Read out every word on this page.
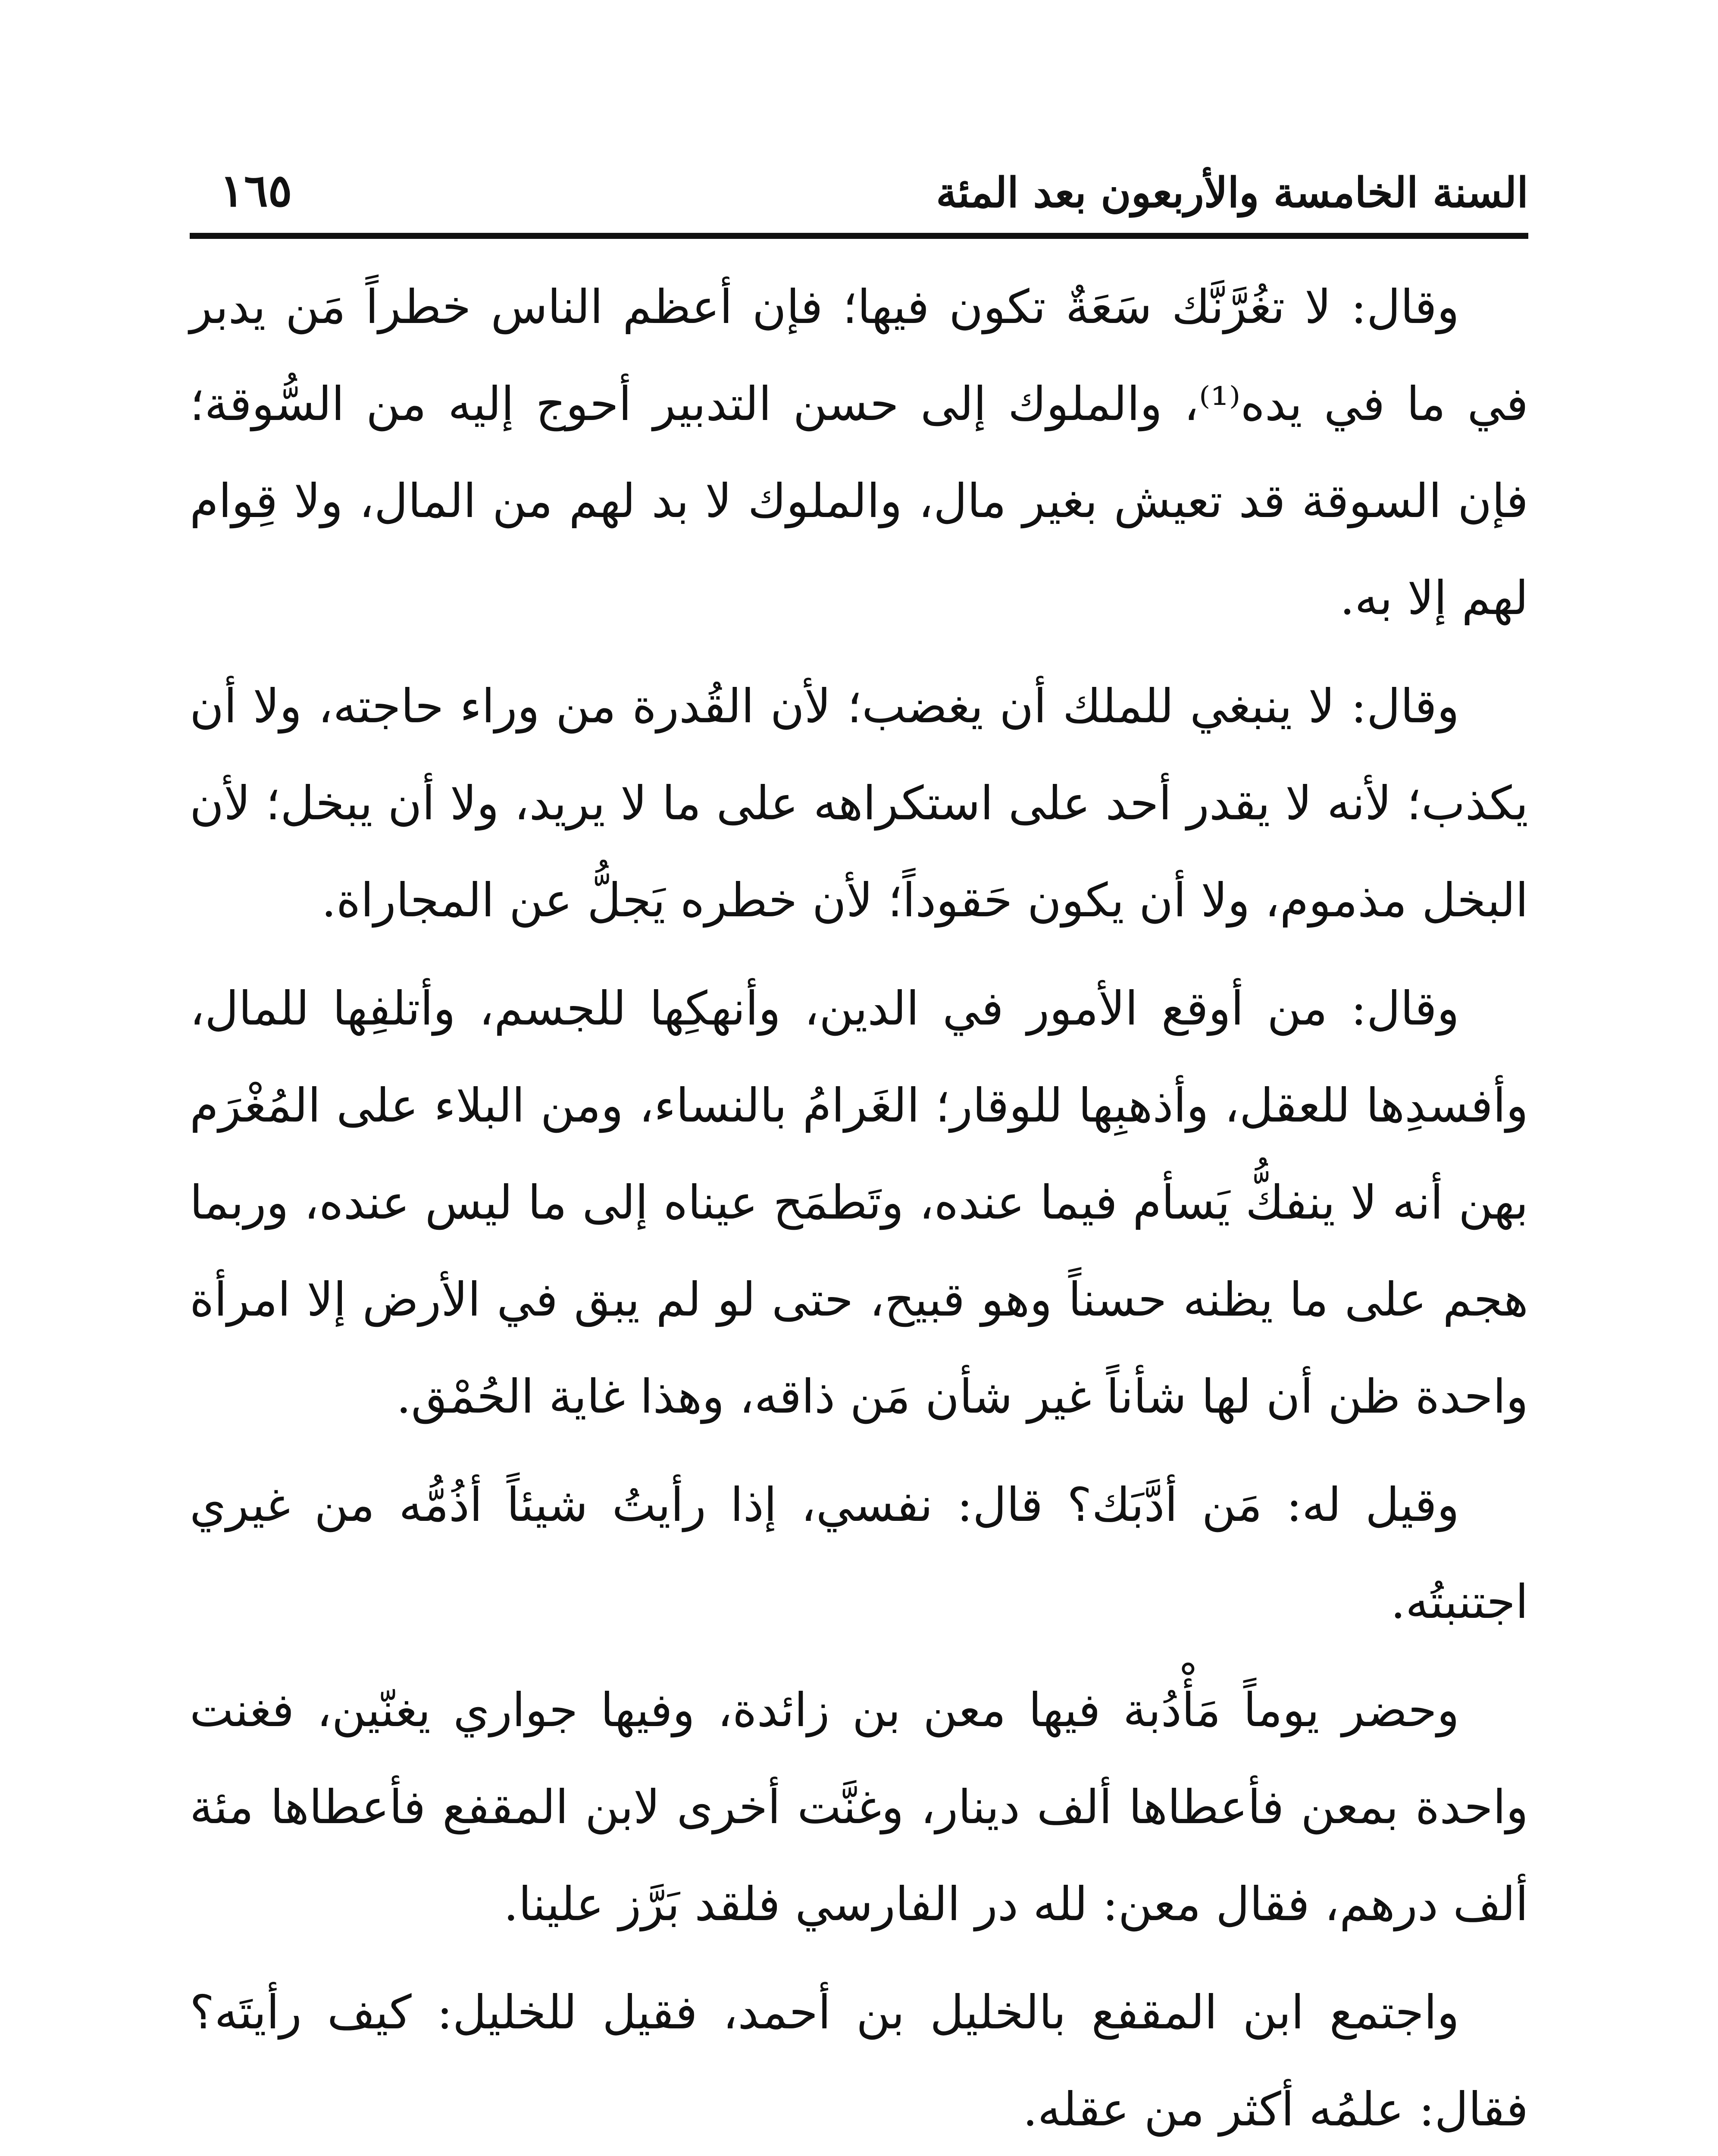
السنة الخامسة والأربعون بعد المئة
١٦٥

وقال: لا تغُرَّنَّك سَعَةٌ تكون فيها؛ فإن أعظم الناس خطراً مَن يدبر في ما في يده⁽¹⁾، والملوك إلى حسن التدبير أحوج إليه من السُّوقة؛ فإن السوقة قد تعيش بغير مال، والملوك لا بد لهم من المال، ولا قِوام لهم إلا به.

وقال: لا ينبغي للملك أن يغضب؛ لأن القُدرة من وراء حاجته، ولا أن يكذب؛ لأنه لا يقدر أحد على استكراهه على ما لا يريد، ولا أن يبخل؛ لأن البخل مذموم، ولا أن يكون حَقوداً؛ لأن خطره يَجلُّ عن المجاراة.

وقال: من أوقع الأمور في الدين، وأنهكِها للجسم، وأتلفِها للمال، وأفسدِها للعقل، وأذهبِها للوقار؛ الغَرامُ بالنساء، ومن البلاء على المُغْرَم بهن أنه لا ينفكُّ يَسأم فيما عنده، وتَطمَح عيناه إلى ما ليس عنده، وربما هجم على ما يظنه حسناً وهو قبيح، حتى لو لم يبق في الأرض إلا امرأة واحدة ظن أن لها شأناً غير شأن مَن ذاقه، وهذا غاية الحُمْق.

وقيل له: مَن أدَّبَك؟ قال: نفسي، إذا رأيتُ شيئاً أذُمُّه من غيري اجتنبتُه.

وحضر يوماً مَأْدُبة فيها معن بن زائدة، وفيها جواري يغنّين، فغنت واحدة بمعن فأعطاها ألف دينار، وغنَّت أخرى لابن المقفع فأعطاها مئة ألف درهم، فقال معن: لله در الفارسي فلقد بَرَّز علينا.

واجتمع ابن المقفع بالخليل بن أحمد، فقيل للخليل: كيف رأيتَه؟ فقال: علمُه أكثر من عقله.
